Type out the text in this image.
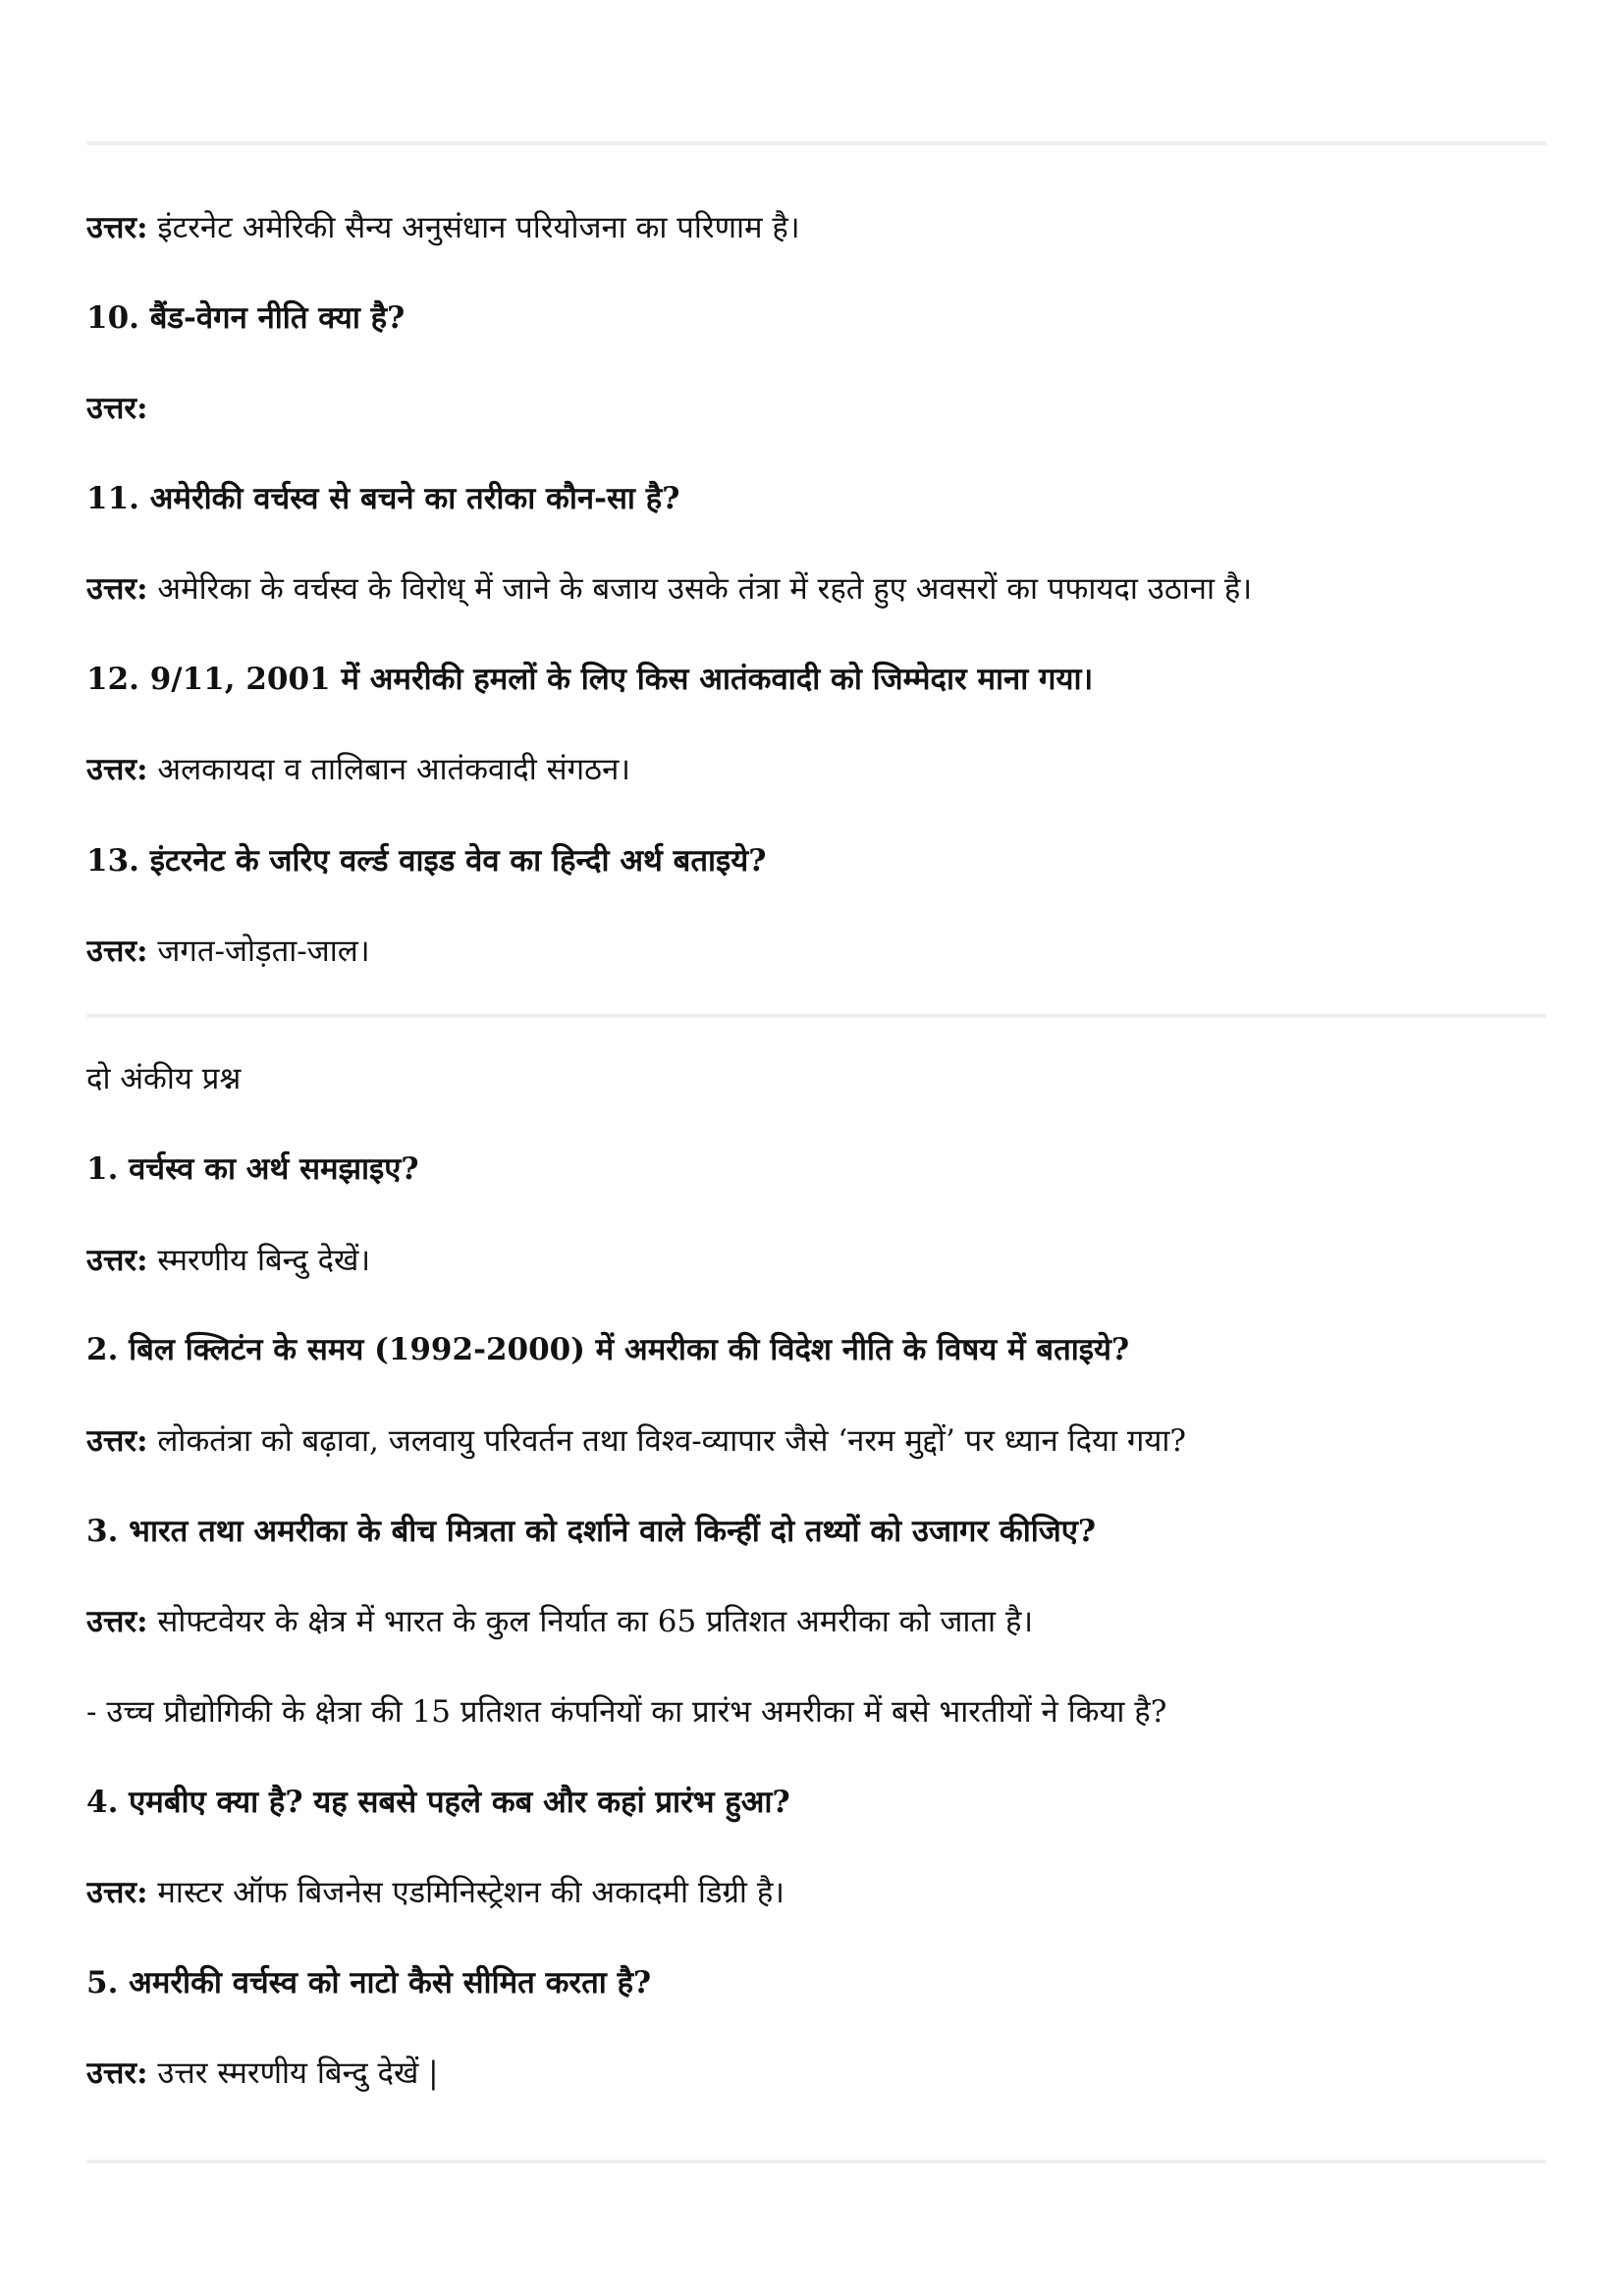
उत्तर: इंटरनेट अमेरिकी सैन्य अनुसंधान परियोजना का परिणाम है।
10. बैंड-वेगन नीति क्या है?
उत्तर:
11. अमेरीकी वर्चस्व से बचने का तरीका कौन-सा है?
उत्तर: अमेरिका के वर्चस्व के विरोध् में जाने के बजाय उसके तंत्रा में रहते हुए अवसरों का पफायदा उठाना है।
12. 9/11, 2001 में अमरीकी हमलों के लिए किस आतंकवादी को जिम्मेदार माना गया।
उत्तर: अलकायदा व तालिबान आतंकवादी संगठन।
13. इंटरनेट के जरिए वर्ल्ड वाइड वेव का हिन्दी अर्थ बताइये?
उत्तर: जगत-जोड़ता-जाल।
दो अंकीय प्रश्न
1. वर्चस्व का अर्थ समझाइए?
उत्तर: स्मरणीय बिन्दु देखें।
2. बिल क्लिटंन के समय (1992-2000) में अमरीका की विदेश नीति के विषय में बताइये?
उत्तर: लोकतंत्रा को बढ़ावा, जलवायु परिवर्तन तथा विश्व-व्यापार जैसे ‘नरम मुद्दों’ पर ध्यान दिया गया?
3. भारत तथा अमरीका के बीच मित्रता को दर्शाने वाले किन्हीं दो तथ्यों को उजागर कीजिए?
उत्तर: सोफ्टवेयर के क्षेत्र में भारत के कुल निर्यात का 65 प्रतिशत अमरीका को जाता है।
- उच्च प्रौद्योगिकी के क्षेत्रा की 15 प्रतिशत कंपनियों का प्रारंभ अमरीका में बसे भारतीयों ने किया है?
4. एमबीए क्या है? यह सबसे पहले कब और कहां प्रारंभ हुआ?
उत्तर: मास्टर ऑफ बिजनेस एडमिनिस्ट्रेशन की अकादमी डिग्री है।
5. अमरीकी वर्चस्व को नाटो कैसे सीमित करता है?
उत्तर: उत्तर स्मरणीय बिन्दु देखें |
